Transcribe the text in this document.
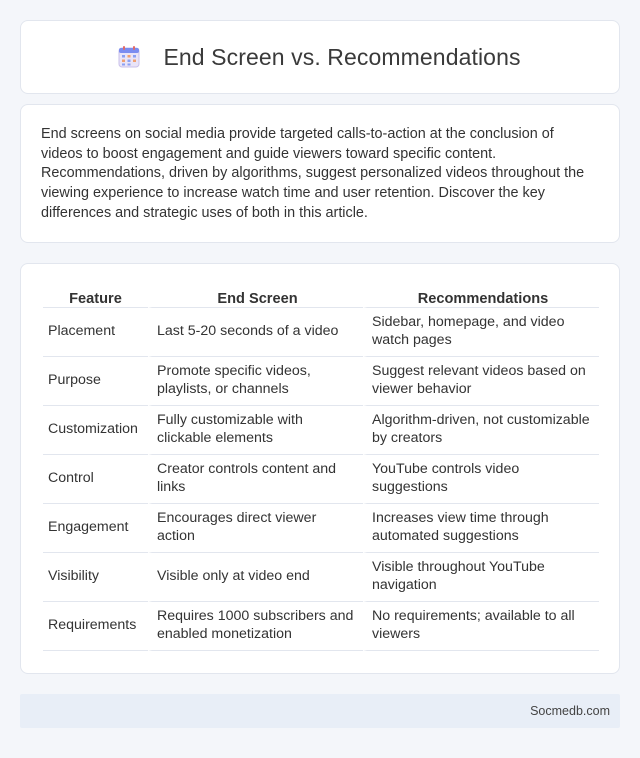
End Screen vs. Recommendations

End screens on social media provide targeted calls-to-action at the conclusion of videos to boost engagement and guide viewers toward specific content. Recommendations, driven by algorithms, suggest personalized videos throughout the viewing experience to increase watch time and user retention. Discover the key differences and strategic uses of both in this article.

Feature	End Screen	Recommendations
Placement	Last 5-20 seconds of a video	Sidebar, homepage, and video watch pages
Purpose	Promote specific videos, playlists, or channels	Suggest relevant videos based on viewer behavior
Customization	Fully customizable with clickable elements	Algorithm-driven, not customizable by creators
Control	Creator controls content and links	YouTube controls video suggestions
Engagement	Encourages direct viewer action	Increases view time through automated suggestions
Visibility	Visible only at video end	Visible throughout YouTube navigation
Requirements	Requires 1000 subscribers and enabled monetization	No requirements; available to all viewers
Socmedb.com
